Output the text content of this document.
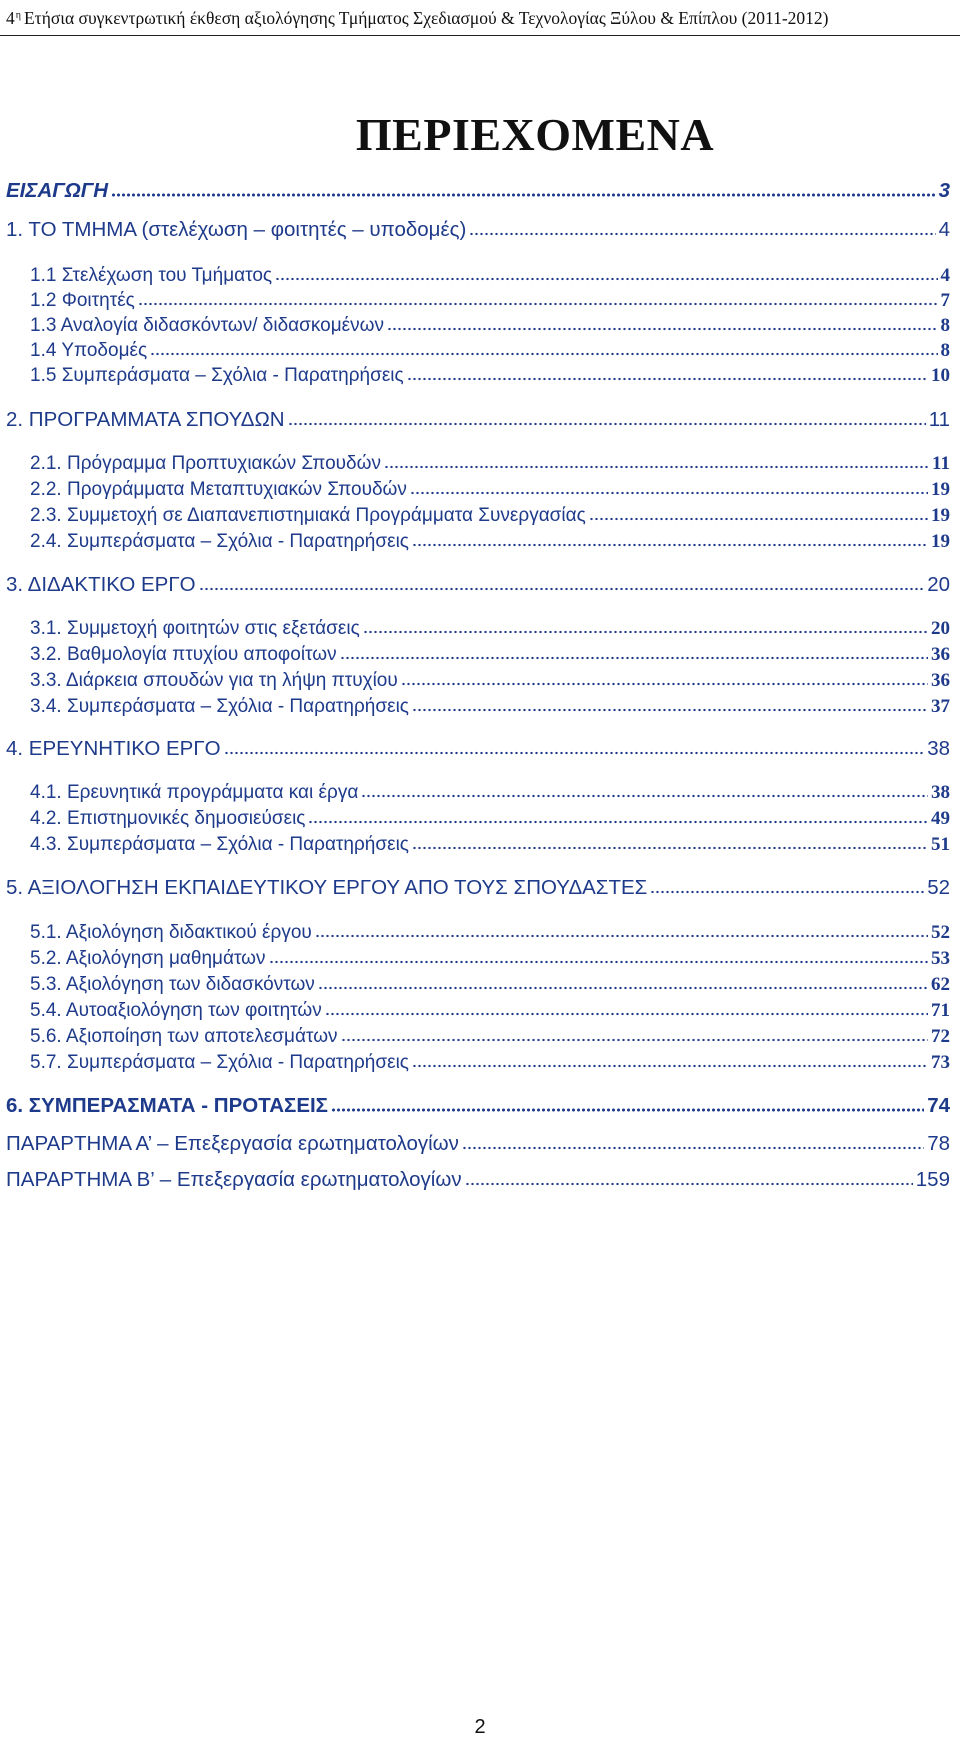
$4^\eta$ Ετήσια συγκεντρωτική έκθεση αξιολόγησης Τμήματος Σχεδιασμού & Τεχνολογίας Ξύλου & Επίπλου (2011-2012)
ΠΕΡΙΕΧΟΜΕΝΑ
ΕΙΣΑΓΩΓΗ	3
1. ΤΟ ΤΜΗΜΑ (στελέχωση – φοιτητές – υποδομές)	4
1.1 Στελέχωση του Τμήματος	4
1.2 Φοιτητές	7
1.3 Αναλογία διδασκόντων/ διδασκομένων	8
1.4 Υποδομές	8
1.5 Συμπεράσματα – Σχόλια - Παρατηρήσεις	10
2. ΠΡΟΓΡΑΜΜΑΤΑ ΣΠΟΥΔΩΝ	11
2.1. Πρόγραμμα Προπτυχιακών Σπουδών	11
2.2. Προγράμματα Μεταπτυχιακών Σπουδών	19
2.3. Συμμετοχή σε Διαπανεπιστημιακά Προγράμματα Συνεργασίας	19
2.4. Συμπεράσματα – Σχόλια - Παρατηρήσεις	19
3. ΔΙΔΑΚΤΙΚΟ ΕΡΓΟ	20
3.1. Συμμετοχή φοιτητών στις εξετάσεις	20
3.2. Βαθμολογία πτυχίου αποφοίτων	36
3.3. Διάρκεια σπουδών για τη λήψη πτυχίου	36
3.4. Συμπεράσματα – Σχόλια - Παρατηρήσεις	37
4. ΕΡΕΥΝΗΤΙΚΟ ΕΡΓΟ	38
4.1. Ερευνητικά προγράμματα και έργα	38
4.2. Επιστημονικές δημοσιεύσεις	49
4.3. Συμπεράσματα – Σχόλια - Παρατηρήσεις	51
5. ΑΞΙΟΛΟΓΗΣΗ ΕΚΠΑΙΔΕΥΤΙΚΟΥ ΕΡΓΟΥ ΑΠΟ ΤΟΥΣ ΣΠΟΥΔΑΣΤΕΣ	52
5.1. Αξιολόγηση διδακτικού έργου	52
5.2. Αξιολόγηση μαθημάτων	53
5.3. Αξιολόγηση των διδασκόντων	62
5.4. Αυτοαξιολόγηση των φοιτητών	71
5.6. Αξιοποίηση των αποτελεσμάτων	72
5.7. Συμπεράσματα – Σχόλια - Παρατηρήσεις	73
6. ΣΥΜΠΕΡΑΣΜΑΤΑ - ΠΡΟΤΑΣΕΙΣ	74
ΠΑΡΑΡΤΗΜΑ Α’ – Επεξεργασία ερωτηματολογίων	78
ΠΑΡΑΡΤΗΜΑ Β’ – Επεξεργασία ερωτηματολογίων	159
2
